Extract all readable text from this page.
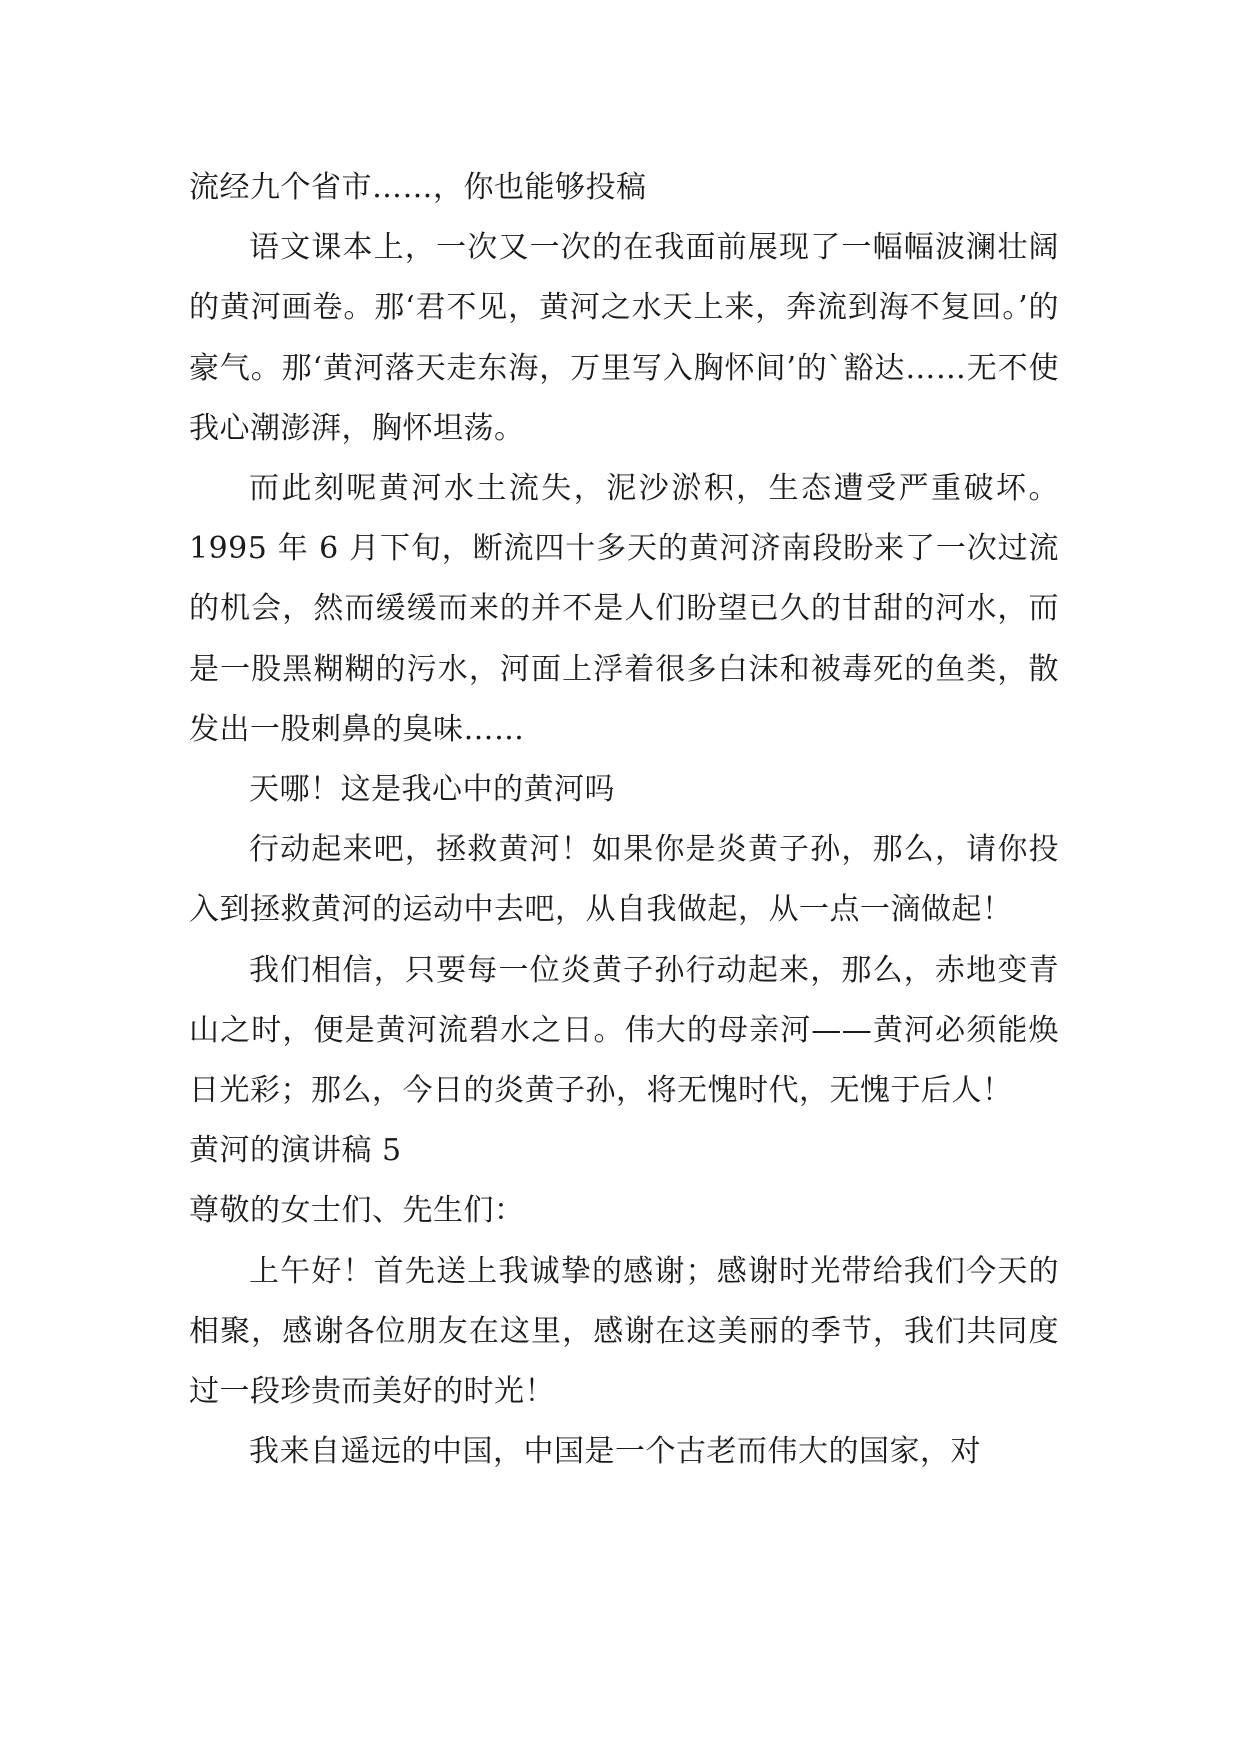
流经九个省市……，你也能够投稿

语文课本上，一次又一次的在我面前展现了一幅幅波澜壮阔的黄河画卷。那‘君不见，黄河之水天上来，奔流到海不复回。’的豪气。那‘黄河落天走东海，万里写入胸怀间’的`豁达……无不使我心潮澎湃，胸怀坦荡。

而此刻呢黄河水土流失，泥沙淤积，生态遭受严重破坏。1995 年 6 月下旬，断流四十多天的黄河济南段盼来了一次过流的机会，然而缓缓而来的并不是人们盼望已久的甘甜的河水，而是一股黑糊糊的污水，河面上浮着很多白沫和被毒死的鱼类，散发出一股刺鼻的臭味……

天哪！这是我心中的黄河吗

行动起来吧，拯救黄河！如果你是炎黄子孙，那么，请你投入到拯救黄河的运动中去吧，从自我做起，从一点一滴做起！

我们相信，只要每一位炎黄子孙行动起来，那么，赤地变青山之时，便是黄河流碧水之日。伟大的母亲河——黄河必须能焕日光彩；那么，今日的炎黄子孙，将无愧时代，无愧于后人！

黄河的演讲稿 5

尊敬的女士们、先生们：

上午好！首先送上我诚挚的感谢；感谢时光带给我们今天的相聚，感谢各位朋友在这里，感谢在这美丽的季节，我们共同度过一段珍贵而美好的时光！

我来自遥远的中国，中国是一个古老而伟大的国家，对
